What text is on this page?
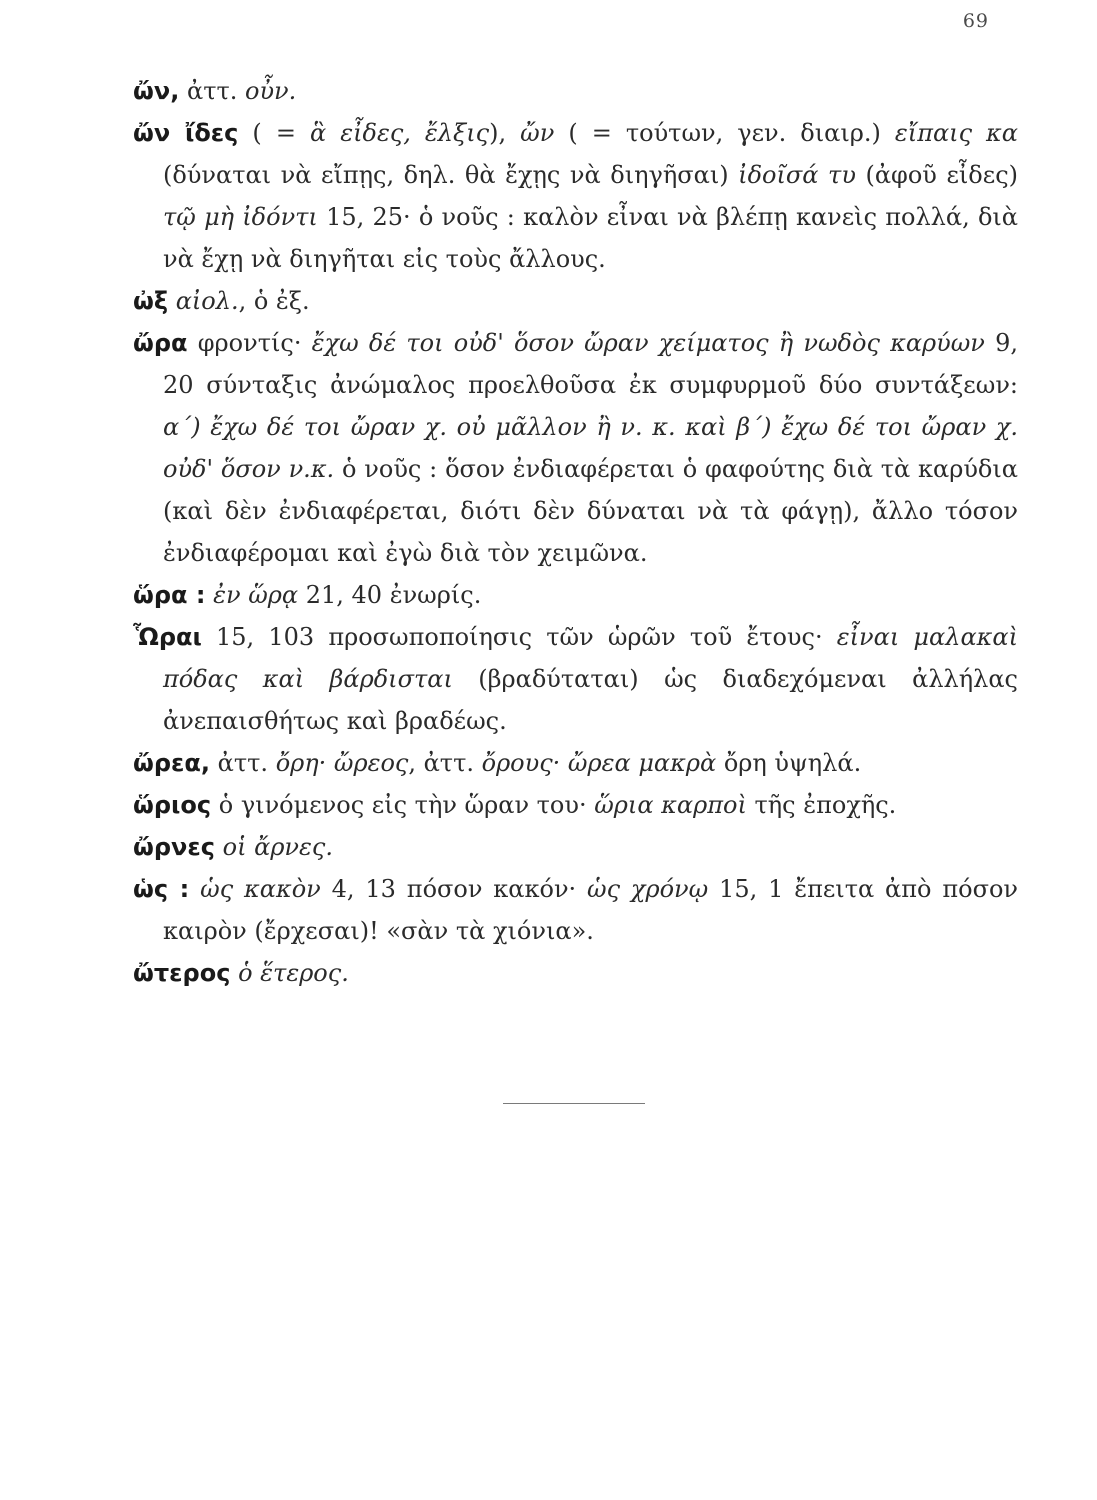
69

ὤν, ἀττ. οὖν.

ὤν ἴδες ( = ἃ εἶδες, ἔλξις), ὤν ( = τούτων, γεν. διαιρ.) εἴπαις κα (δύναται νὰ εἴπῃς, δηλ. θὰ ἔχῃς νὰ διηγῆσαι) ἰδοῖσά τυ (ἀφοῦ εἶδες) τῷ μὴ ἰδόντι 15, 25· ὁ νοῦς : καλὸν εἶναι νὰ βλέπῃ κανεὶς πολλά, διὰ νὰ ἔχῃ νὰ διηγῆται εἰς τοὺς ἄλλους.

ὠξ αἰολ., ὁ ἐξ.

ὤρα φροντίς· ἔχω δέ τοι οὐδ' ὅσον ὤραν χείματος ἢ νωδὸς καρύων 9, 20 σύνταξις ἀνώμαλος προελθοῦσα ἐκ συμφυρμοῦ δύο συντάξεων: α΄) ἔχω δέ τοι ὤραν χ. οὐ μᾶλλον ἢ ν. κ. καὶ β΄) ἔχω δέ τοι ὤραν χ. οὐδ' ὅσον ν.κ. ὁ νοῦς : ὅσον ἐνδιαφέρεται ὁ φαφούτης διὰ τὰ καρύδια (καὶ δὲν ἐνδιαφέρεται, διότι δὲν δύναται νὰ τὰ φάγῃ), ἄλλο τόσον ἐνδιαφέρομαι καὶ ἐγὼ διὰ τὸν χειμῶνα.

ὥρα : ἐν ὥρᾳ 21, 40 ἐνωρίς.

Ὧραι 15, 103 προσωποποίησις τῶν ὡρῶν τοῦ ἔτους· εἶναι μαλακαὶ πόδας καὶ βάρδισται (βραδύταται) ὡς διαδεχόμεναι ἀλλήλας ἀνεπαισθήτως καὶ βραδέως.

ὤρεα, ἀττ. ὄρη· ὤρεος, ἀττ. ὄρους· ὤρεα μακρὰ ὄρη ὑψηλά.

ὥριος ὁ γινόμενος εἰς τὴν ὥραν του· ὥρια καρποὶ τῆς ἐποχῆς.

ὤρνες οἱ ἄρνες.

ὡς : ὡς κακὸν 4, 13 πόσον κακόν· ὡς χρόνῳ 15, 1 ἔπειτα ἀπὸ πόσον καιρὸν (ἔρχεσαι)! «σὰν τὰ χιόνια».

ὤτερος ὁ ἕτερος.
